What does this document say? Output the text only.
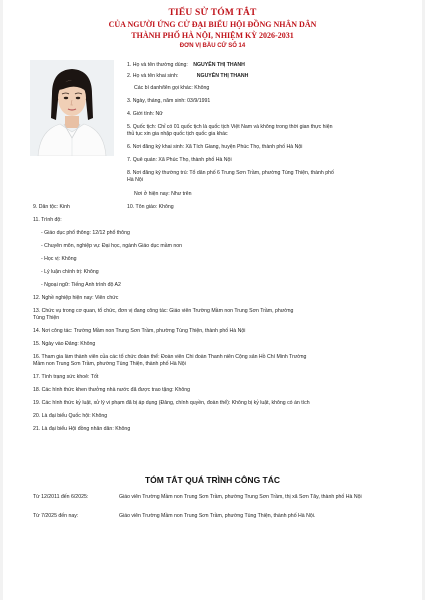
TIỂU SỬ TÓM TẮT
CỦA NGƯỜI ỨNG CỬ ĐẠI BIỂU HỘI ĐỒNG NHÂN DÂN
THÀNH PHỐ HÀ NỘI, NHIỆM KỲ 2026-2031
ĐƠN VỊ BẦU CỬ SỐ 14
1. Họ và tên thường dùng: NGUYỄN THỊ THANH
2. Họ và tên khai sinh:	NGUYỄN THỊ THANH
Các bí danh/tên gọi khác: Không
3. Ngày, tháng, năm sinh: 03/9/1991
4. Giới tính: Nữ
5. Quốc tịch: Chỉ có 01 quốc tịch là quốc tịch Việt Nam và không trong thời gian thực hiện
thủ tục xin gia nhập quốc tịch quốc gia khác
6. Nơi đăng ký khai sinh: Xã Tích Giang, huyện Phúc Thọ, thành phố Hà Nội
7. Quê quán: Xã Phúc Thọ, thành phố Hà Nội
8. Nơi đăng ký thường trú: Tổ dân phố 6 Trung Sơn Trầm, phường Tùng Thiện, thành phố
Hà Nội
Nơi ở hiện nay: Như trên
9. Dân tộc: Kinh	10. Tôn giáo: Không
11. Trình độ:
- Giáo dục phổ thông: 12/12 phổ thông
- Chuyên môn, nghiệp vụ: Đại học, ngành Giáo dục mầm non
- Học vị: Không
- Lý luận chính trị: Không
- Ngoại ngữ: Tiếng Anh trình độ A2
12. Nghề nghiệp hiện nay: Viên chức
13. Chức vụ trong cơ quan, tổ chức, đơn vị đang công tác: Giáo viên Trường Mầm non Trung Sơn Trầm, phường
Tùng Thiện
14. Nơi công tác: Trường Mầm non Trung Sơn Trầm, phường Tùng Thiện, thành phố Hà Nội
15. Ngày vào Đảng: Không
16. Tham gia làm thành viên của các tổ chức đoàn thể: Đoàn viên Chi đoàn Thanh niên Cộng sản Hồ Chí Minh Trường
Mầm non Trung Sơn Trầm, phường Tùng Thiện, thành phố Hà Nội
17. Tình trạng sức khoẻ: Tốt
18. Các hình thức khen thưởng nhà nước đã được trao tặng: Không
19. Các hình thức kỷ luật, xử lý vi phạm đã bị áp dụng (Đảng, chính quyền, đoàn thể): Không bị kỷ luật, không có án tích
20. Là đại biểu Quốc hội: Không
21. Là đại biểu Hội đồng nhân dân: Không
TÓM TẮT QUÁ TRÌNH CÔNG TÁC
Từ 12/2011 đến 6/2025:	Giáo viên Trường Mầm non Trung Sơn Trầm, phường Trung Sơn Trầm, thị xã Sơn Tây, thành phố Hà Nội
Từ 7/2025 đến nay:	Giáo viên Trường Mầm non Trung Sơn Trầm, phường Tùng Thiện, thành phố Hà Nội.
